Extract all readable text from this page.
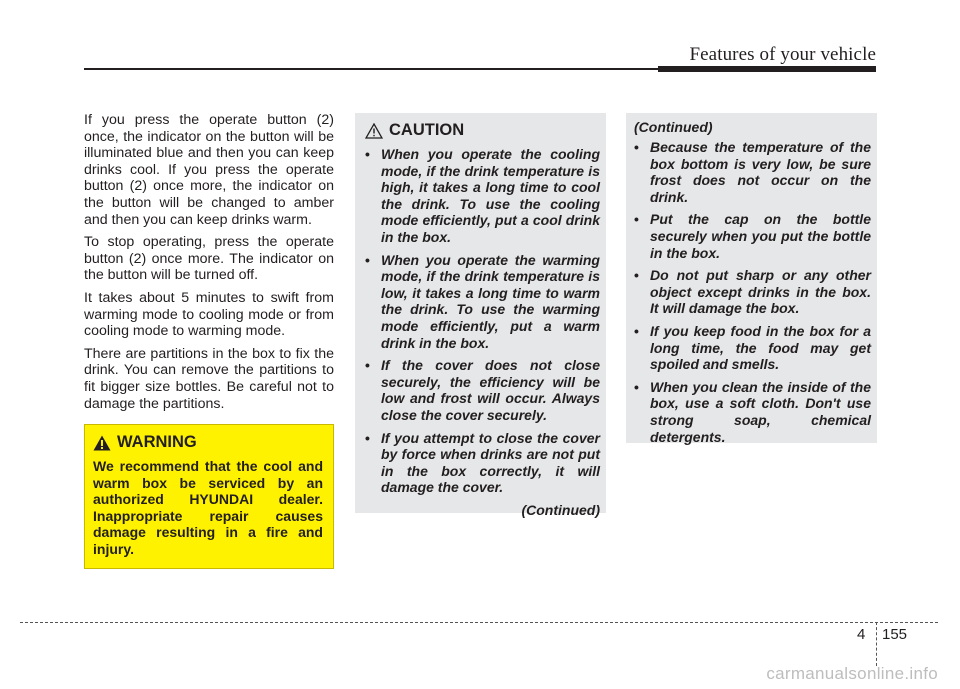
Features of your vehicle

If you press the operate button (2) once, the indicator on the button will be illuminated blue and then you can keep drinks cool. If you press the operate button (2) once more, the indicator on the button will be changed to amber and then you can keep drinks warm.

To stop operating, press the operate button (2) once more. The indicator on the button will be turned off.

It takes about 5 minutes to swift from warming mode to cooling mode or from cooling mode to warming mode.

There are partitions in the box to fix the drink. You can remove the partitions to fit bigger size bottles. Be careful not to damage the partitions.

WARNING

We recommend that the cool and warm box be serviced by an authorized HYUNDAI dealer. Inappropriate repair causes damage resulting in a fire and injury.

CAUTION
• When you operate the cooling mode, if the drink temperature is high, it takes a long time to cool the drink. To use the cooling mode efficiently, put a cool drink in the box.
• When you operate the warming mode, if the drink temperature is low, it takes a long time to warm the drink. To use the warming mode efficiently, put a warm drink in the box.
• If the cover does not close securely, the efficiency will be low and frost will occur. Always close the cover securely.
• If you attempt to close the cover by force when drinks are not put in the box correctly, it will damage the cover.
(Continued)

(Continued)

• Because the temperature of the box bottom is very low, be sure frost does not occur on the drink.
• Put the cap on the bottle securely when you put the bottle in the box.
• Do not put sharp or any other object except drinks in the box. It will damage the box.
• If you keep food in the box for a long time, the food may get spoiled and smells.
• When you clean the inside of the box, use a soft cloth. Don't use strong soap, chemical detergents.
4 155
carmanualsonline.info
